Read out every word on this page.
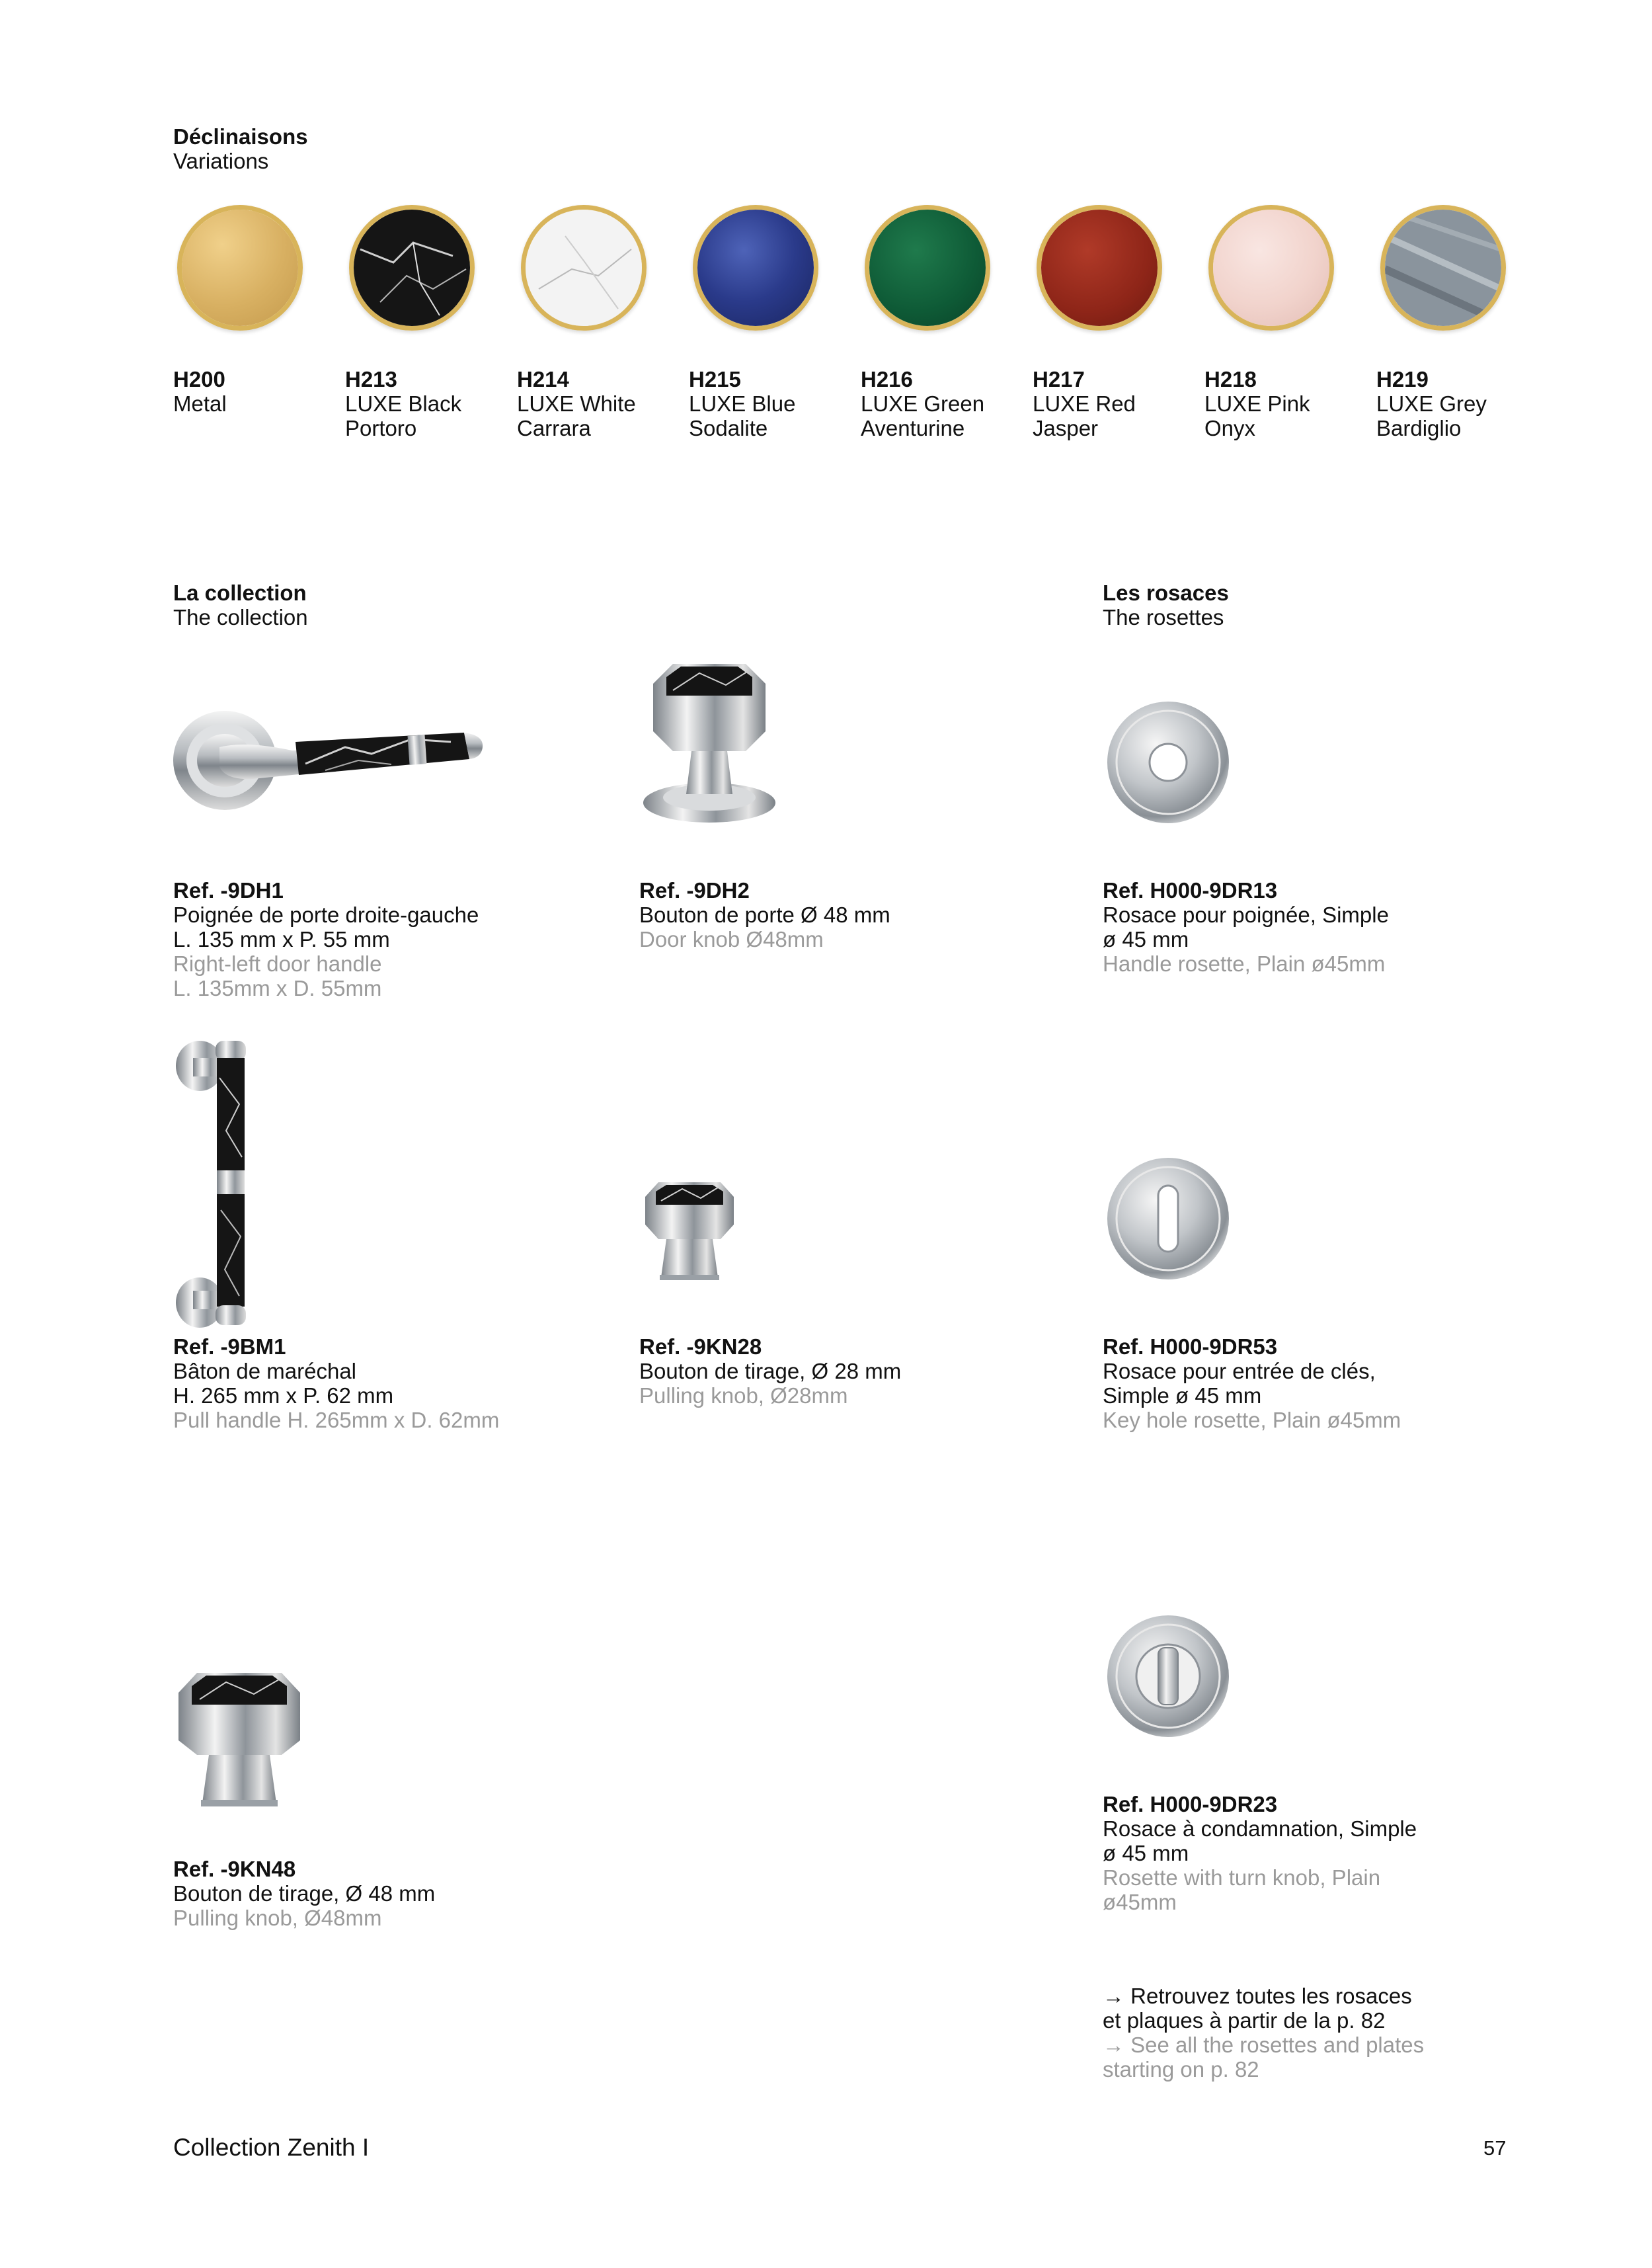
Déclinaisons
Variations
H200
Metal
H213
LUXE Black
Portoro
H214
LUXE White
Carrara
H215
LUXE Blue
Sodalite
H216
LUXE Green
Aventurine
H217
LUXE Red
Jasper
H218
LUXE Pink
Onyx
H219
LUXE Grey
Bardiglio
La collection
The collection
Les rosaces
The rosettes
Ref. -9DH1
Poignée de porte droite-gauche
L. 135 mm x P. 55 mm
Right-left door handle
L. 135mm x D. 55mm
Ref. -9DH2
Bouton de porte Ø 48 mm
Door knob Ø48mm
Ref. H000-9DR13
Rosace pour poignée, Simple
ø 45 mm
Handle rosette, Plain ø45mm
Ref. -9BM1
Bâton de maréchal
H. 265 mm x P. 62 mm
Pull handle H. 265mm x D. 62mm
Ref. -9KN28
Bouton de tirage, Ø 28 mm
Pulling knob, Ø28mm
Ref. H000-9DR53
Rosace pour entrée de clés,
Simple ø 45 mm
Key hole rosette, Plain ø45mm
Ref. -9KN48
Bouton de tirage, Ø 48 mm
Pulling knob, Ø48mm
Ref. H000-9DR23
Rosace à condamnation, Simple
ø 45 mm
Rosette with turn knob, Plain
ø45mm
→ Retrouvez toutes les rosaces
et plaques à partir de la p. 82
→ See all the rosettes and plates
starting on p. 82
Collection Zenith I	57
